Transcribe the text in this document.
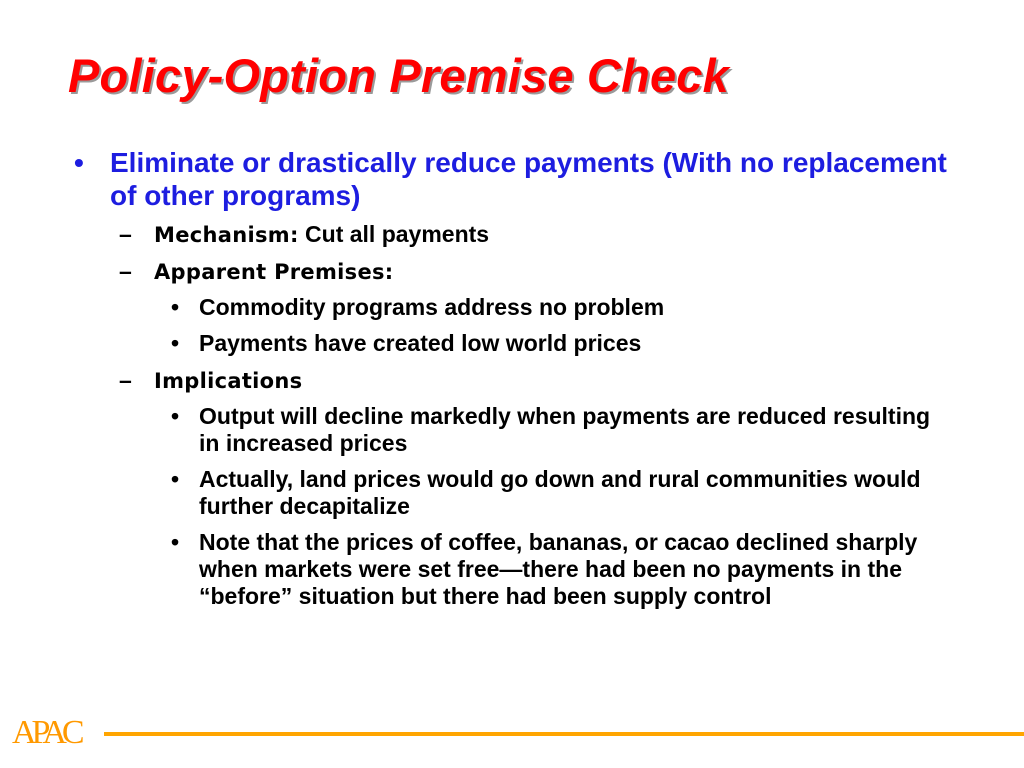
Policy-Option Premise Check
• Eliminate or drastically reduce payments (With no replacement of other programs)
– Mechanism: Cut all payments
– Apparent Premises:
• Commodity programs address no problem
• Payments have created low world prices
– Implications
• Output will decline markedly when payments are reduced resulting in increased prices
• Actually, land prices would go down and rural communities would further decapitalize
• Note that the prices of coffee, bananas, or cacao declined sharply when markets were set free—there had been no payments in the “before” situation but there had been supply control
APAC
